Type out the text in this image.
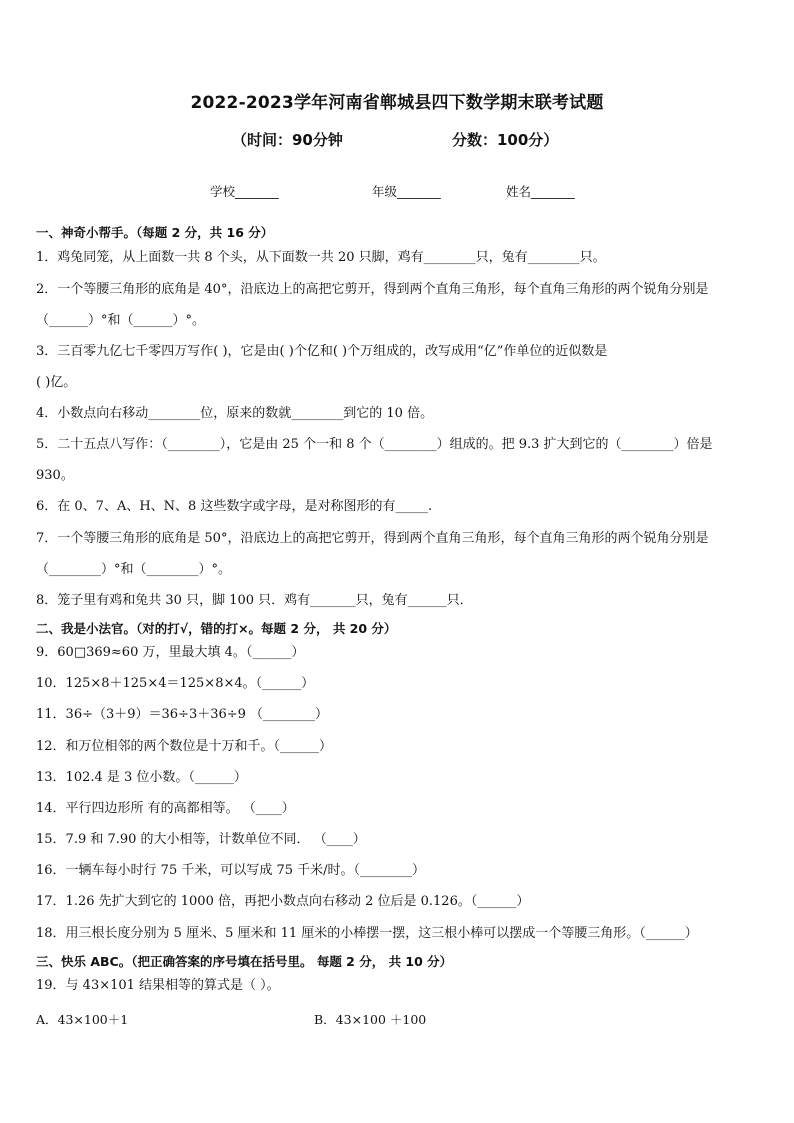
2022-2023学年河南省郸城县四下数学期末联考试题
（时间：90分钟	分数：100分）
学校_______	年级_______	姓名_______
一、神奇小帮手。（每题 2 分，共 16 分）
1．鸡兔同笼，从上面数一共 8 个头，从下面数一共 20 只脚，鸡有________只，兔有________只。
2．一个等腰三角形的底角是 40°，沿底边上的高把它剪开，得到两个直角三角形，每个直角三角形的两个锐角分别是
（______）°和（______）°。
3．三百零九亿七千零四万写作( )，它是由( )个亿和( )个万组成的，改写成用“亿”作单位的近似数是
( )亿。
4．小数点向右移动________位，原来的数就________到它的 10 倍。
5．二十五点八写作：（________），它是由 25 个一和 8 个（________）组成的。把 9.3 扩大到它的（________）倍是
930。
6．在 0、7、A、H、N、8 这些数字或字母，是对称图形的有_____.
7．一个等腰三角形的底角是 50°，沿底边上的高把它剪开，得到两个直角三角形，每个直角三角形的两个锐角分别是
（________）°和（________）°。
8．笼子里有鸡和兔共 30 只，脚 100 只．鸡有_______只，兔有______只．
二、我是小法官。（对的打√，错的打×。每题 2 分， 共 20 分）
9．60□369≈60 万，里最大填 4。（______）
10．125×8＋125×4＝125×8×4。（______）
11．36÷（3＋9）＝36÷3＋36÷9 （________）
12．和万位相邻的两个数位是十万和千。（______）
13．102.4 是 3 位小数。（______）
14．平行四边形所 有的高都相等。 （____）
15．7.9 和 7.90 的大小相等，计数单位不同． （____）
16．一辆车每小时行 75 千米，可以写成 75 千米/时。（________）
17．1.26 先扩大到它的 1000 倍，再把小数点向右移动 2 位后是 0.126。（______）
18．用三根长度分别为 5 厘米、5 厘米和 11 厘米的小棒摆一摆，这三根小棒可以摆成一个等腰三角形。（______）
三、快乐 ABC。（把正确答案的序号填在括号里。 每题 2 分， 共 10 分）
19．与 43×101 结果相等的算式是（ ）。
A．43×100＋1	B．43×100 ＋100
